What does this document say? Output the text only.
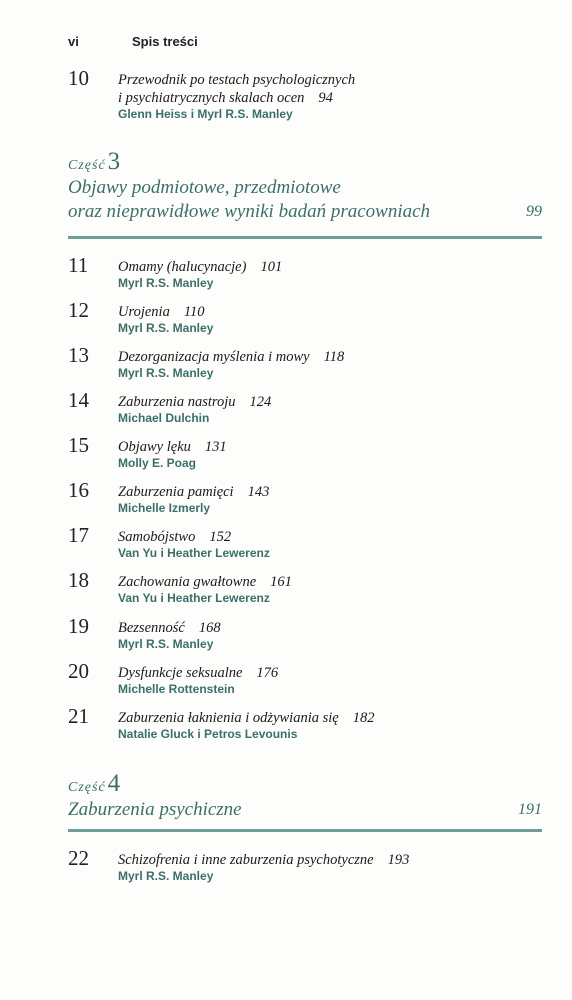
vi	Spis treści
10 Przewodnik po testach psychologicznych
i psychiatrycznych skalach ocen 94
Glenn Heiss i Myrl R.S. Manley
Część3
Objawy podmiotowe, przedmiotowe
oraz nieprawidłowe wyniki badań pracowniach	99
11 Omamy (halucynacje) 101
Myrl R.S. Manley
12 Urojenia 110
Myrl R.S. Manley
13 Dezorganizacja myślenia i mowy 118
Myrl R.S. Manley
14 Zaburzenia nastroju 124
Michael Dulchin
15 Objawy lęku 131
Molly E. Poag
16 Zaburzenia pamięci 143
Michelle Izmerly
17 Samobójstwo 152
Van Yu i Heather Lewerenz
18 Zachowania gwałtowne 161
Van Yu i Heather Lewerenz
19 Bezsenność 168
Myrl R.S. Manley
20 Dysfunkcje seksualne 176
Michelle Rottenstein
21 Zaburzenia łaknienia i odżywiania się 182
Natalie Gluck i Petros Levounis
Część4
Zaburzenia psychiczne	191
22 Schizofrenia i inne zaburzenia psychotyczne 193
Myrl R.S. Manley
